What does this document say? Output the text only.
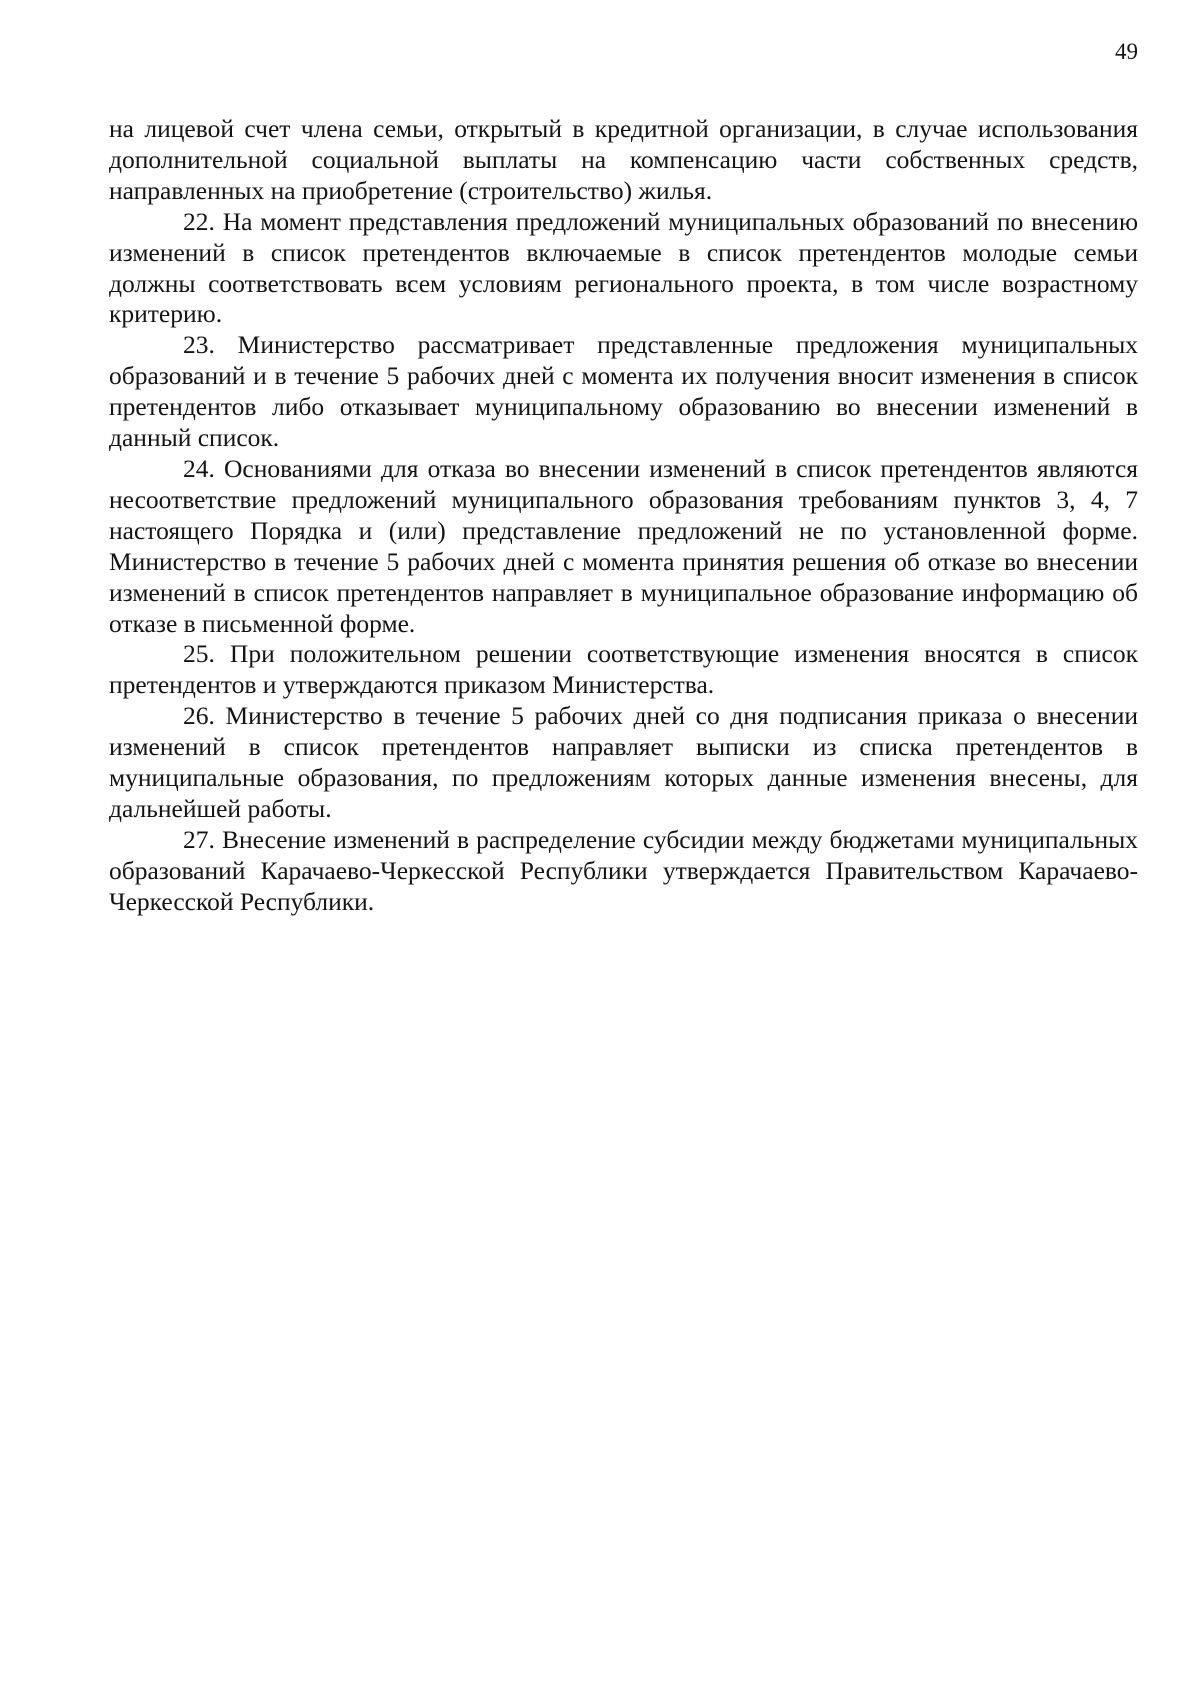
49

на лицевой счет члена семьи, открытый в кредитной организации, в случае использования дополнительной социальной выплаты на компенсацию части собственных средств, направленных на приобретение (строительство) жилья.

22. На момент представления предложений муниципальных образований по внесению изменений в список претендентов включаемые в список претендентов молодые семьи должны соответствовать всем условиям регионального проекта, в том числе возрастному критерию.

23. Министерство рассматривает представленные предложения муниципальных образований и в течение 5 рабочих дней с момента их получения вносит изменения в список претендентов либо отказывает муниципальному образованию во внесении изменений в данный список.

24. Основаниями для отказа во внесении изменений в список претендентов являются несоответствие предложений муниципального образования требованиям пунктов 3, 4, 7 настоящего Порядка и (или) представление предложений не по установленной форме. Министерство в течение 5 рабочих дней с момента принятия решения об отказе во внесении изменений в список претендентов направляет в муниципальное образование информацию об отказе в письменной форме.

25. При положительном решении соответствующие изменения вносятся в список претендентов и утверждаются приказом Министерства.

26. Министерство в течение 5 рабочих дней со дня подписания приказа о внесении изменений в список претендентов направляет выписки из списка претендентов в муниципальные образования, по предложениям которых данные изменения внесены, для дальнейшей работы.

27. Внесение изменений в распределение субсидии между бюджетами муниципальных образований Карачаево-Черкесской Республики утверждается Правительством Карачаево-Черкесской Республики.
